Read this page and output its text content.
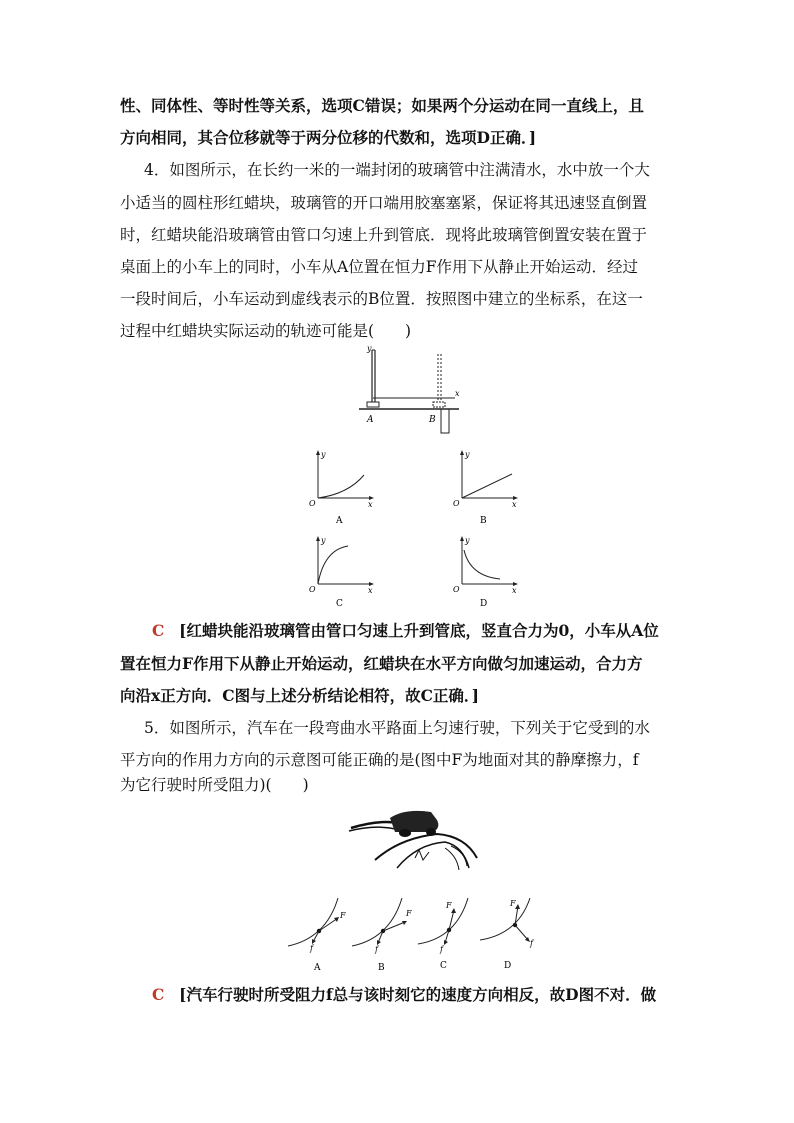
性、同体性、等时性等关系，选项C错误；如果两个分运动在同一直线上，且
方向相同，其合位移就等于两分位移的代数和，选项D正确．]
4．如图所示，在长约一米的一端封闭的玻璃管中注满清水，水中放一个大
小适当的圆柱形红蜡块，玻璃管的开口端用胶塞塞紧，保证将其迅速竖直倒置
时，红蜡块能沿玻璃管由管口匀速上升到管底．现将此玻璃管倒置安装在置于
桌面上的小车上的同时，小车从A位置在恒力F作用下从静止开始运动．经过
一段时间后，小车运动到虚线表示的B位置．按照图中建立的坐标系，在这一
过程中红蜡块实际运动的轨迹可能是(　　)
y
x
A	B
y
x
O
A
y
x
O
B
y
x
O
C
y
x
O
D
C [红蜡块能沿玻璃管由管口匀速上升到管底，竖直合力为0，小车从A位
置在恒力F作用下从静止开始运动，红蜡块在水平方向做匀加速运动，合力方
向沿x正方向．C图与上述分析结论相符，故C正确．]
5．如图所示，汽车在一段弯曲水平路面上匀速行驶，下列关于它受到的水
平方向的作用力方向的示意图可能正确的是(图中F为地面对其的静摩擦力，f
为它行驶时所受阻力)(　　)
F
f
A
F
f
B
F
f
C
F
f
D
C [汽车行驶时所受阻力f总与该时刻它的速度方向相反，故D图不对．做
